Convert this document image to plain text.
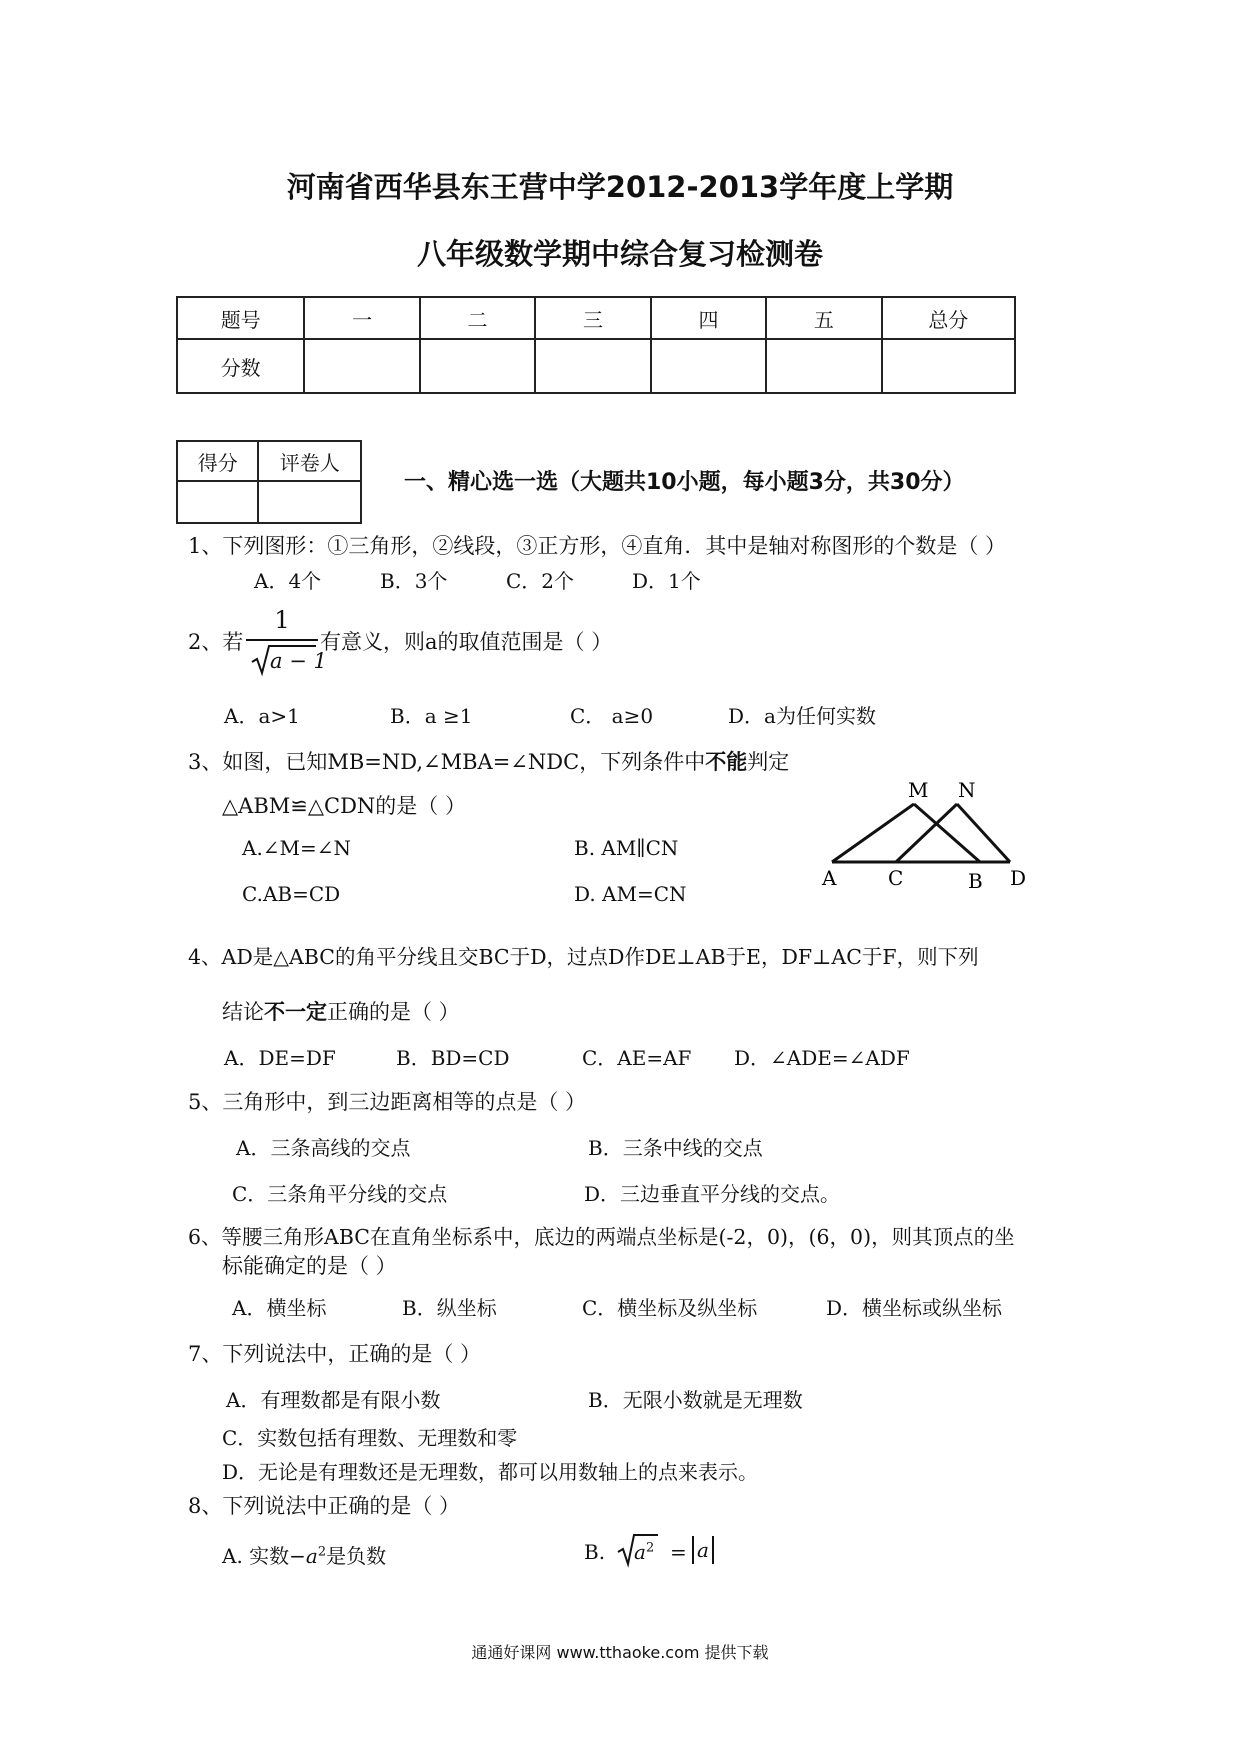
河南省西华县东王营中学2012-2013学年度上学期
八年级数学期中综合复习检测卷
题号	一	二	三	四	五	总分
分数						
得分	评卷人

一、精心选一选（大题共10小题，每小题3分，共30分）
1、下列图形：①三角形，②线段，③正方形，④直角．其中是轴对称图形的个数是（ ）
A．4个	B．3个	C．2个	D．1个
2、若
1
a − 1
有意义，则a的取值范围是（ ）
A．a>1	B．a ≥1	C． a≥0	D．a为任何实数
3、如图，已知MB=ND,∠MBA=∠NDC，下列条件中不能判定
△ABM≌△CDN的是（ ）
A.∠M=∠N	B. AM∥CN
C.AB=CD	D. AM=CN
M N
A	C	B D
4、AD是△ABC的角平分线且交BC于D，过点D作DE⊥AB于E，DF⊥AC于F，则下列
结论不一定正确的是（ ）
A．DE=DF	B．BD=CD	C．AE=AF D．∠ADE=∠ADF
5、三角形中，到三边距离相等的点是（ ）
A．三条高线的交点	B．三条中线的交点
C．三条角平分线的交点	D．三边垂直平分线的交点。
6、等腰三角形ABC在直角坐标系中，底边的两端点坐标是(-2，0)，(6，0)，则其顶点的坐
标能确定的是（ ）
A．横坐标	B．纵坐标	C．横坐标及纵坐标	D．横坐标或纵坐标
7、下列说法中，正确的是（ ）
A．有理数都是有限小数	B．无限小数就是无理数
C．实数包括有理数、无理数和零
D．无论是有理数还是无理数，都可以用数轴上的点来表示。
8、下列说法中正确的是（ ）
A. 实数$-a^2$是负数	B. $a^2 = a$
通通好课网 www.tthaoke.com 提供下载
